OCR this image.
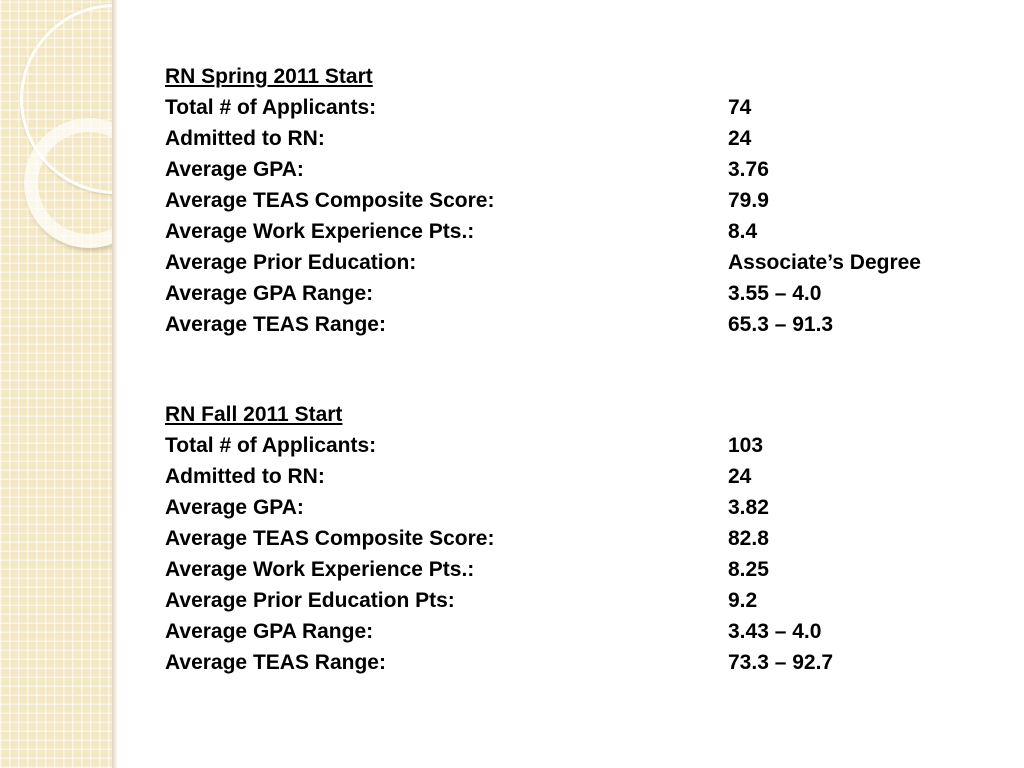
RN Spring 2011 Start
Total # of Applicants:	74
Admitted to RN:	24
Average GPA:	3.76
Average TEAS Composite Score:	79.9
Average Work Experience Pts.:	8.4
Average Prior Education:	Associate’s Degree
Average GPA Range:	3.55 – 4.0
Average TEAS Range:	65.3 – 91.3
RN Fall 2011 Start
Total # of Applicants:	103
Admitted to RN:	24
Average GPA:	3.82
Average TEAS Composite Score:	82.8
Average Work Experience Pts.:	8.25
Average Prior Education Pts:	9.2
Average GPA Range:	3.43 – 4.0
Average TEAS Range:	73.3 – 92.7
